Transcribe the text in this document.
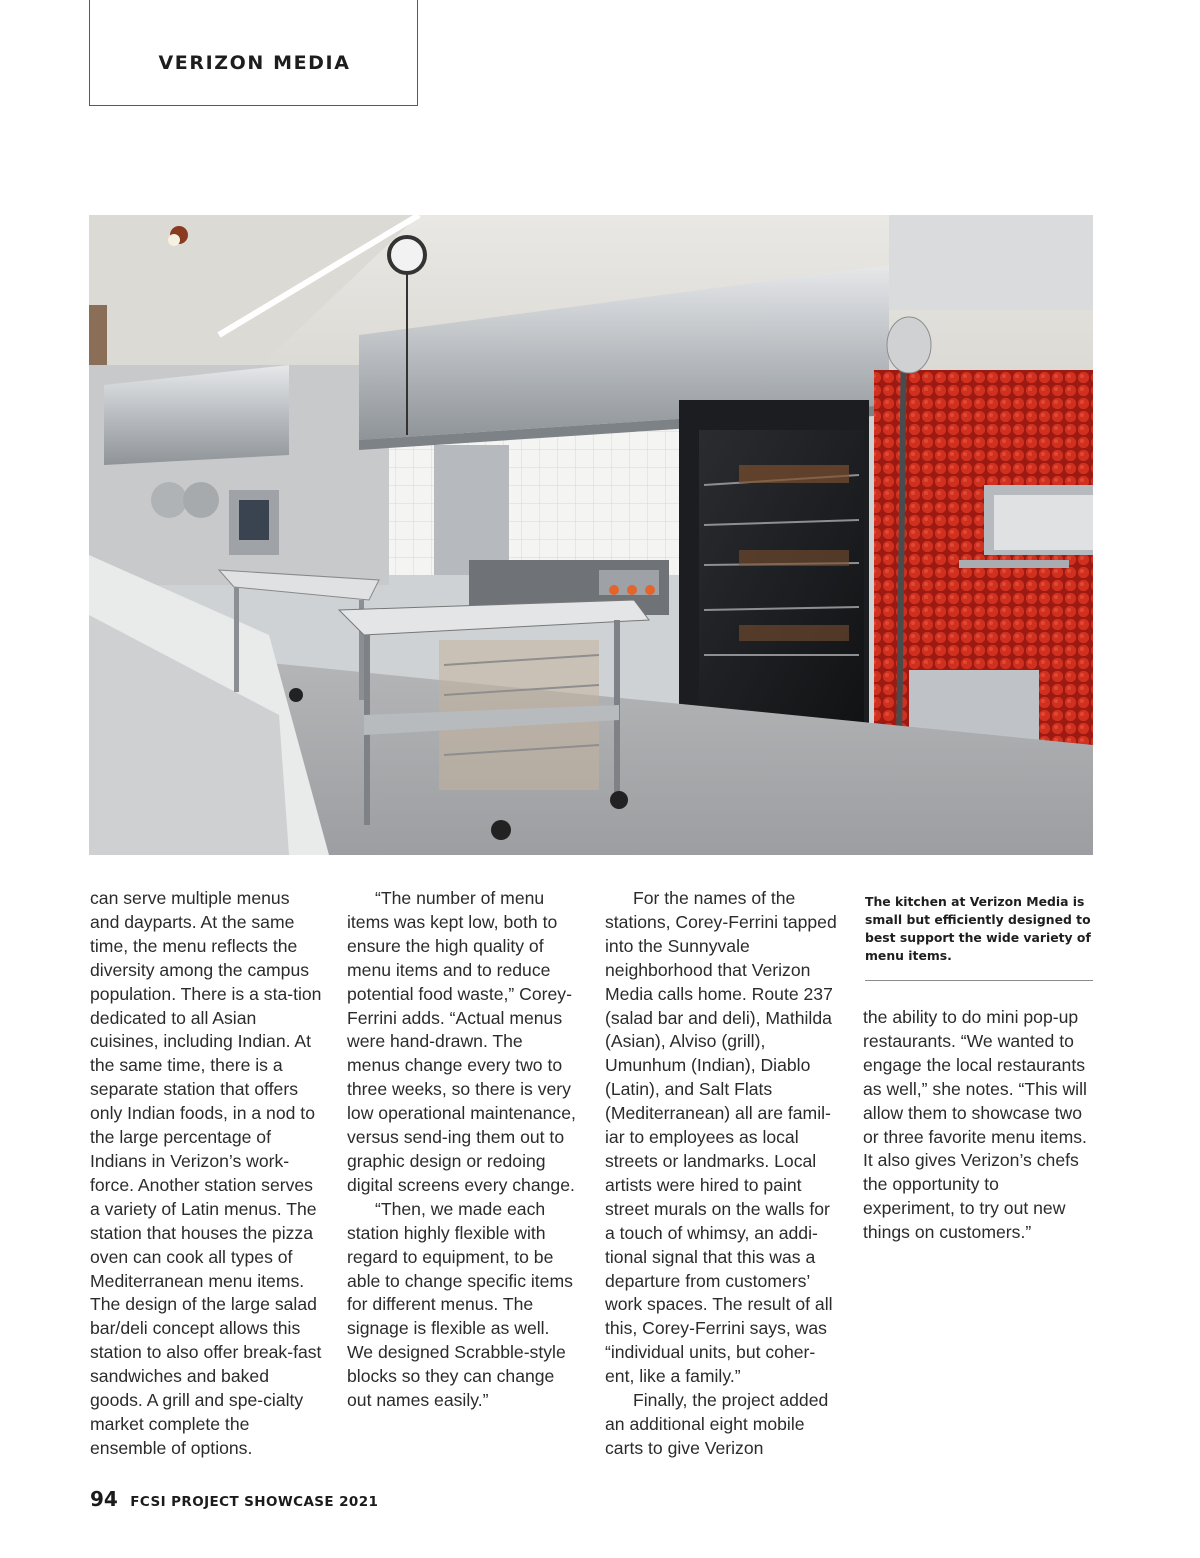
VERIZON MEDIA

can serve multiple menus and dayparts. At the same time, the menu reflects the diversity among the campus population. There is a sta-tion dedicated to all Asian cuisines, including Indian. At the same time, there is a separate station that offers only Indian foods, in a nod to the large percentage of Indians in Verizon’s work-force. Another station serves a variety of Latin menus. The station that houses the pizza oven can cook all types of Mediterranean menu items. The design of the large salad bar/deli concept allows this station to also offer break-fast sandwiches and baked goods. A grill and spe-cialty market complete the ensemble of options.

“The number of menu items was kept low, both to ensure the high quality of menu items and to reduce potential food waste,” Corey-Ferrini adds. “Actual menus were hand-drawn. The menus change every two to three weeks, so there is very low operational maintenance, versus send-ing them out to graphic design or redoing digital screens every change.

“Then, we made each station highly flexible with regard to equipment, to be able to change specific items for different menus. The signage is flexible as well. We designed Scrabble-style blocks so they can change out names easily.”

For the names of the stations, Corey-Ferrini tapped into the Sunnyvale neighborhood that Verizon Media calls home. Route 237 (salad bar and deli), Mathilda (Asian), Alviso (grill), Umunhum (Indian), Diablo (Latin), and Salt Flats (Mediterranean) all are famil-iar to employees as local streets or landmarks. Local artists were hired to paint street murals on the walls for a touch of whimsy, an addi-tional signal that this was a departure from customers’ work spaces. The result of all this, Corey-Ferrini says, was “individual units, but coher-ent, like a family.”

Finally, the project added an additional eight mobile carts to give Verizon

The kitchen at Verizon Media is small but efficiently designed to best support the wide variety of menu items.

the ability to do mini pop-up restaurants. “We wanted to engage the local restaurants as well,” she notes. “This will allow them to showcase two or three favorite menu items. It also gives Verizon’s chefs the opportunity to experiment, to try out new things on customers.”

94 FCSI PROJECT SHOWCASE 2021
